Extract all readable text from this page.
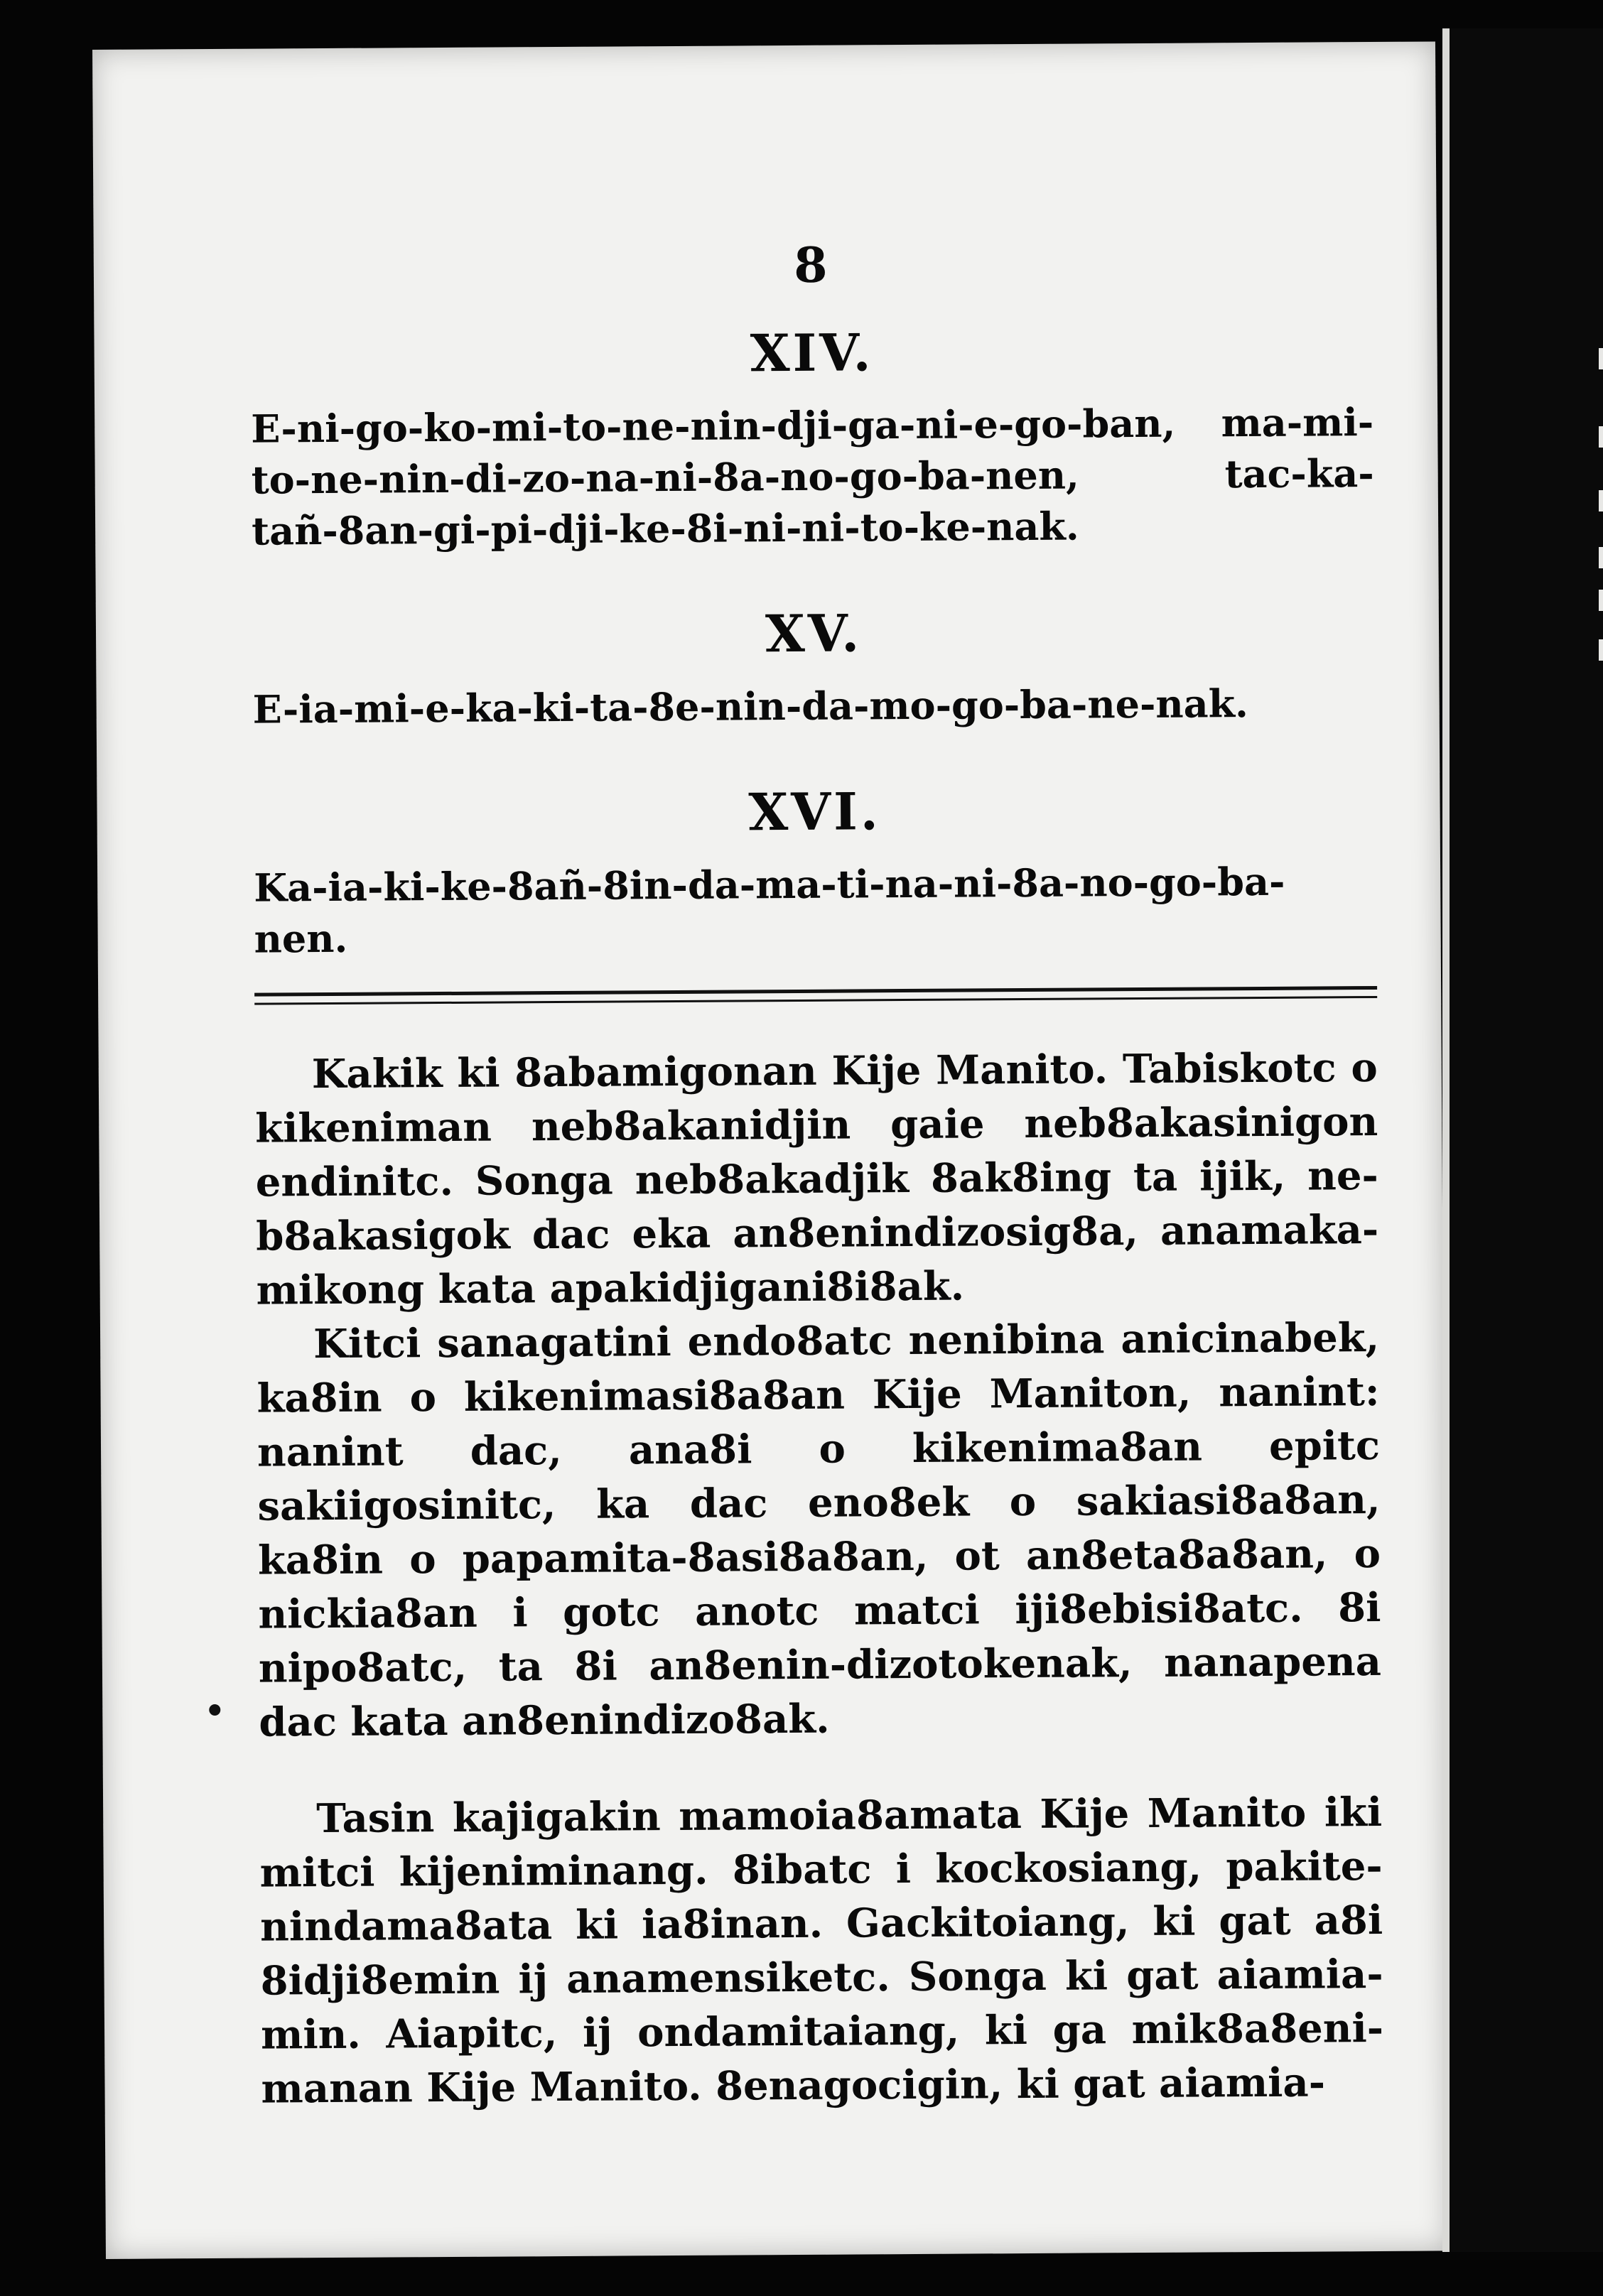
8
XIV.

E-ni-go-ko-mi-to-ne-nin-dji-ga-ni-e-go-ban, ma-mi-to-ne-nin-di-zo-na-ni-8a-no-go-ba-nen, tac-ka-tañ-8an-gi-pi-dji-ke-8i-ni-ni-to-ke-nak.

XV.

E-ia-mi-e-ka-ki-ta-8e-nin-da-mo-go-ba-ne-nak.

XVI.

Ka-ia-ki-ke-8añ-8in-da-ma-ti-na-ni-8a-no-go-ba-nen.

Kakik ki 8abamigonan Kije Manito. Tabiskotc o kikeniman neb8akanidjin gaie neb8akasinigon endinitc. Songa neb8akadjik 8ak8ing ta ijik, ne-b8akasigok dac eka an8enindizosig8a, anamaka-mikong kata apakidjigani8i8ak.

Kitci sanagatini endo8atc nenibina anicinabek, ka8in o kikenimasi8a8an Kije Maniton, nanint: nanint dac, ana8i o kikenima8an epitc sakiigosinitc, ka dac eno8ek o sakiasi8a8an, ka8in o papamita-8asi8a8an, ot an8eta8a8an, o nickia8an i gotc anotc matci iji8ebisi8atc. 8i nipo8atc, ta 8i an8enin-dizotokenak, nanapena dac kata an8enindizo8ak.

Tasin kajigakin mamoia8amata Kije Manito iki mitci kijeniminang. 8ibatc i kockosiang, pakite-nindama8ata ki ia8inan. Gackitoiang, ki gat a8i 8idji8emin ij anamensiketc. Songa ki gat aiamia-min. Aiapitc, ij ondamitaiang, ki ga mik8a8eni-manan Kije Manito. 8enagocigin, ki gat aiamia-
